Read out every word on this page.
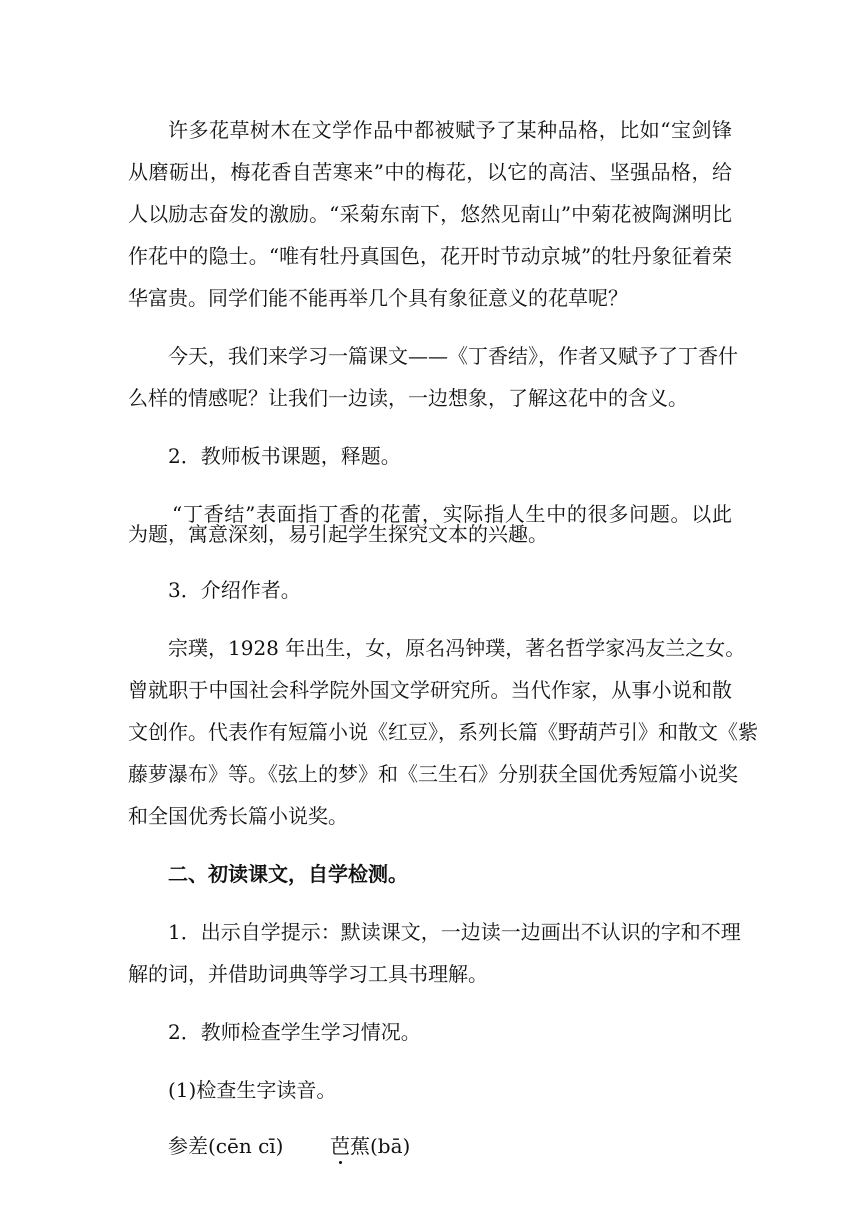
许多花草树木在文学作品中都被赋予了某种品格，比如“宝剑锋
从磨砺出，梅花香自苦寒来”中的梅花，以它的高洁、坚强品格，给
人以励志奋发的激励。“采菊东南下，悠然见南山”中菊花被陶渊明比
作花中的隐士。“唯有牡丹真国色，花开时节动京城”的牡丹象征着荣
华富贵。同学们能不能再举几个具有象征意义的花草呢？
今天，我们来学习一篇课文——《丁香结》，作者又赋予了丁香什
么样的情感呢？让我们一边读，一边想象，了解这花中的含义。
2．教师板书课题，释题。
“丁香结”表面指丁香的花蕾，实际指人生中的很多问题。以此
为题，寓意深刻，易引起学生探究文本的兴趣。
3．介绍作者。
宗璞，1928 年出生，女，原名冯钟璞，著名哲学家冯友兰之女。
曾就职于中国社会科学院外国文学研究所。当代作家，从事小说和散
文创作。代表作有短篇小说《红豆》，系列长篇《野葫芦引》和散文《紫
藤萝瀑布》等。《弦上的梦》和《三生石》分别获全国优秀短篇小说奖
和全国优秀长篇小说奖。
二、初读课文，自学检测。
1．出示自学提示：默读课文，一边读一边画出不认识的字和不理
解的词，并借助词典等学习工具书理解。
2．教师检查学生学习情况。
(1)检查生字读音。
参差(cēn cī) 芭蕉(bā)
